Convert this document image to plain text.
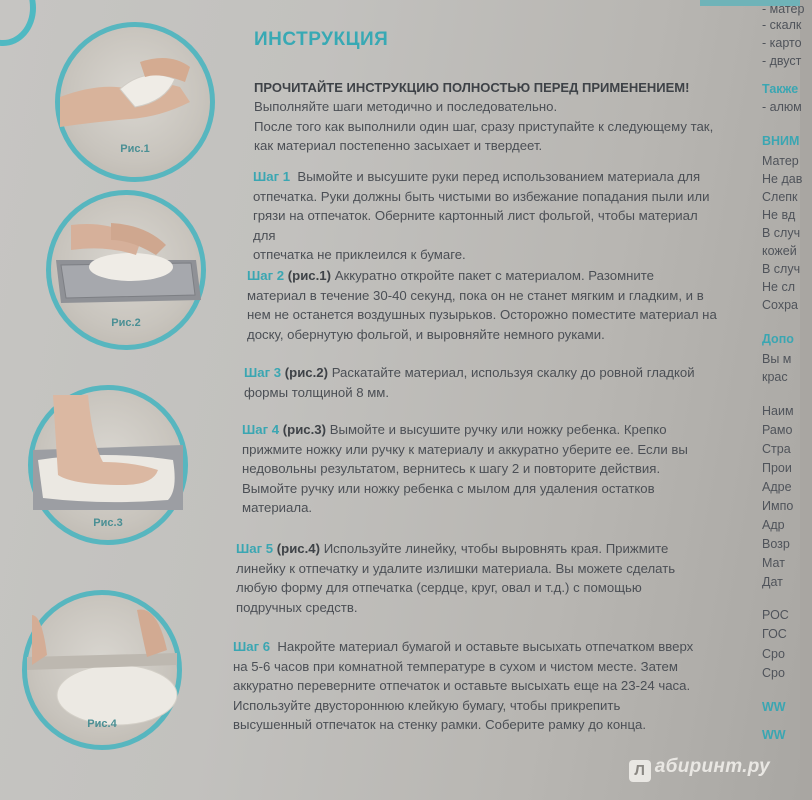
Рис.1
Рис.2
Рис.3
Рис.4
ИНСТРУКЦИЯ
ПРОЧИТАЙТЕ ИНСТРУКЦИЮ ПОЛНОСТЬЮ ПЕРЕД ПРИМЕНЕНИЕМ!
Выполняйте шаги методично и последовательно.
После того как выполнили один шаг, сразу приступайте к следующему так,
как материал постепенно засыхает и твердеет.
Шаг 1 Вымойте и высушите руки перед использованием материала для
отпечатка. Руки должны быть чистыми во избежание попадания пыли или
грязи на отпечаток. Оберните картонный лист фольгой, чтобы материал для
отпечатка не приклеился к бумаге.
Шаг 2 (рис.1) Аккуратно откройте пакет с материалом. Разомните
материал в течение 30-40 секунд, пока он не станет мягким и гладким, и в
нем не останется воздушных пузырьков. Осторожно поместите материал на
доску, обернутую фольгой, и выровняйте немного руками.
Шаг 3 (рис.2) Раскатайте материал, используя скалку до ровной гладкой
формы толщиной 8 мм.
Шаг 4 (рис.3) Вымойте и высушите ручку или ножку ребенка. Крепко
прижмите ножку или ручку к материалу и аккуратно уберите ее. Если вы
недовольны результатом, вернитесь к шагу 2 и повторите действия.
Вымойте ручку или ножку ребенка с мылом для удаления остатков
материала.
Шаг 5 (рис.4) Используйте линейку, чтобы выровнять края. Прижмите
линейку к отпечатку и удалите излишки материала. Вы можете сделать
любую форму для отпечатка (сердце, круг, овал и т.д.) с помощью
подручных средств.
Шаг 6 Накройте материал бумагой и оставьте высыхать отпечатком вверх
на 5-6 часов при комнатной температуре в сухом и чистом месте. Затем
аккуратно переверните отпечаток и оставьте высыхать еще на 23-24 часа.
Используйте двустороннюю клейкую бумагу, чтобы прикрепить
высушенный отпечаток на стенку рамки. Соберите рамку до конца.
- матер
- скалк
- карто
- двуст
Также
- алюм
ВНИМ
Матер
Не дав
Слепк
Не вд
В случ
кожей
В случ
Не сл
Сохра
Допо
Вы м
крас
Наим
Рамо
Стра
Прои
Адре
Импо
Адр
Возр
Мат
Дат
РОС
ГОС
Сро
Сро
WW
WW
Л абиринт.ру
